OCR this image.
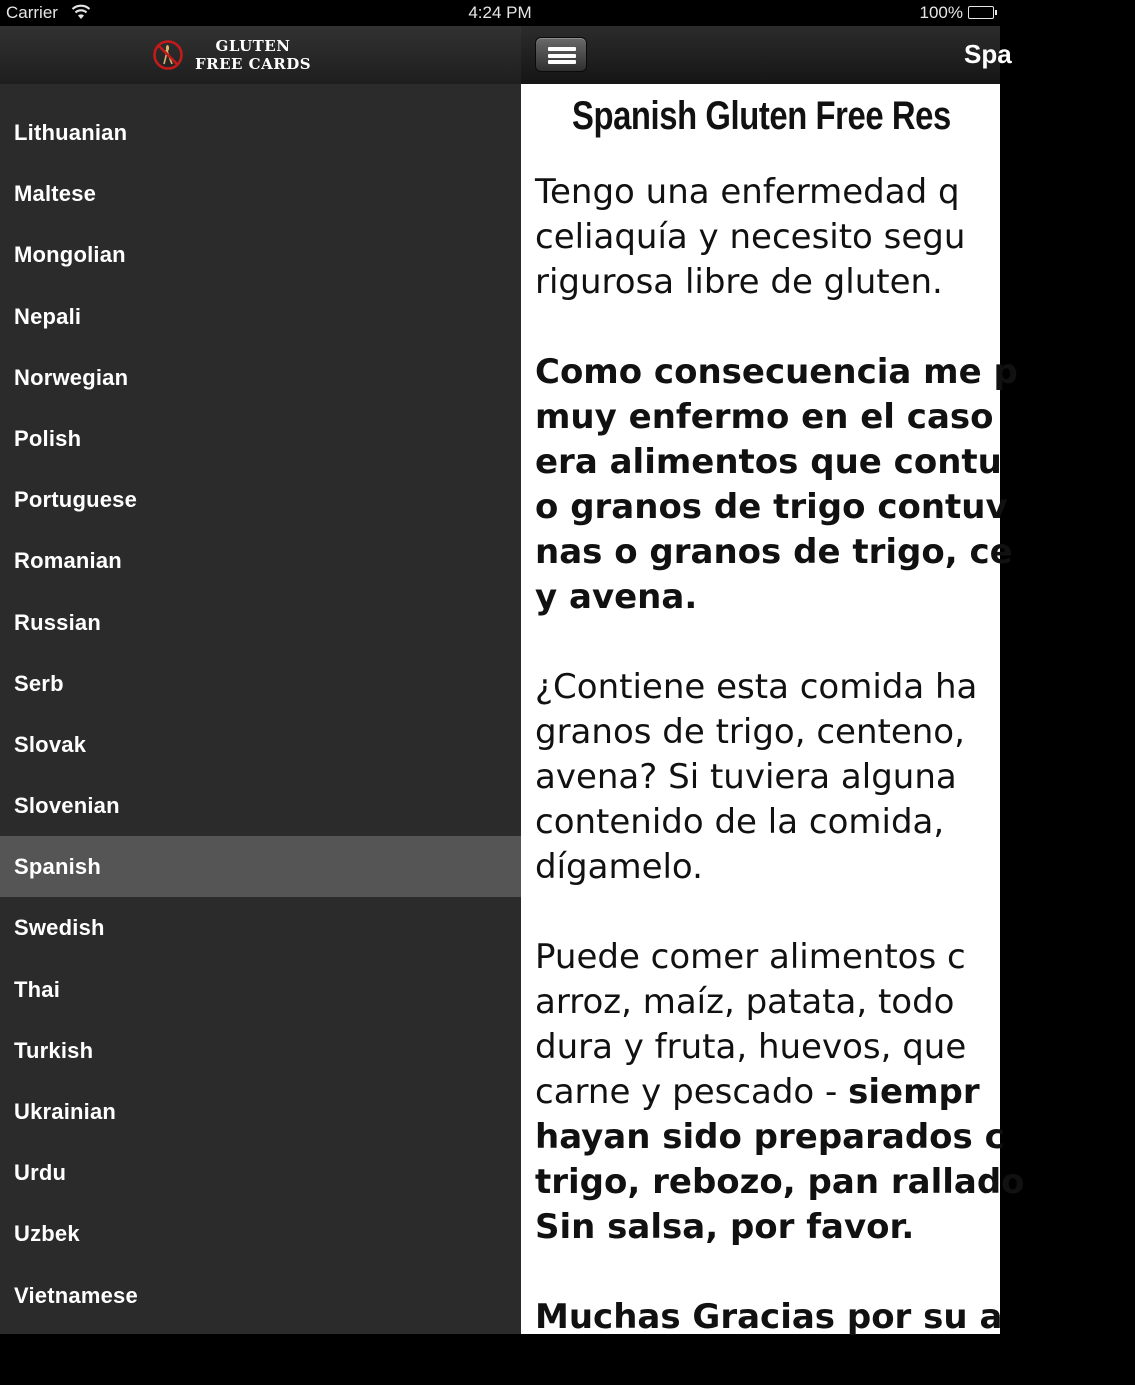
Carrier	4:24 PM	100%
GLUTEN
FREE CARDS	Spa
Lithuanian
Maltese
Mongolian
Nepali
Norwegian
Polish
Portuguese
Romanian
Russian
Serb
Slovak
Slovenian
Spanish
Swedish
Thai
Turkish
Ukrainian
Urdu
Uzbek
Vietnamese
Spanish Gluten Free Res
Tengo una enfermedad q
celiaquía y necesito segu
rigurosa libre de gluten.
Como consecuencia me p
muy enfermo en el caso
era alimentos que contu
o granos de trigo contuv
nas o granos de trigo, ce
y avena.
¿Contiene esta comida ha
granos de trigo, centeno,
avena? Si tuviera alguna
contenido de la comida,
dígamelo.
Puede comer alimentos c
arroz, maíz, patata, todo
dura y fruta, huevos, que
carne y pescado - siempr
hayan sido preparados c
trigo, rebozo, pan rallado
Sin salsa, por favor.
Muchas Gracias por su a
